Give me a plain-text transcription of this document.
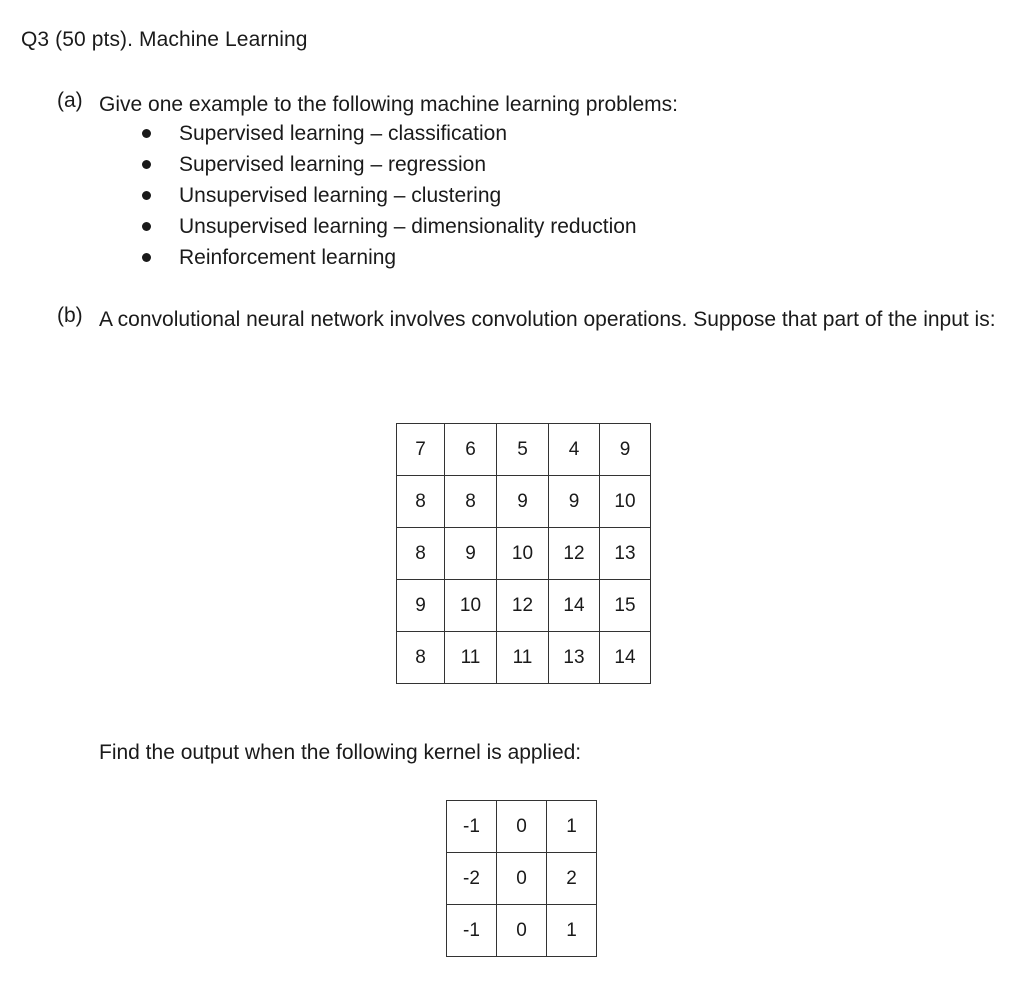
Q3 (50 pts). Machine Learning
(a) Give one example to the following machine learning problems:
Supervised learning – classification
Supervised learning – regression
Unsupervised learning – clustering
Unsupervised learning – dimensionality reduction
Reinforcement learning
(b) A convolutional neural network involves convolution operations. Suppose that part of the input is:
7	6	5	4	9
8	8	9	9	10
8	9	10	12	13
9	10	12	14	15
8	11	11	13	14
Find the output when the following kernel is applied:
-1	0	1
-2	0	2
-1	0	1
